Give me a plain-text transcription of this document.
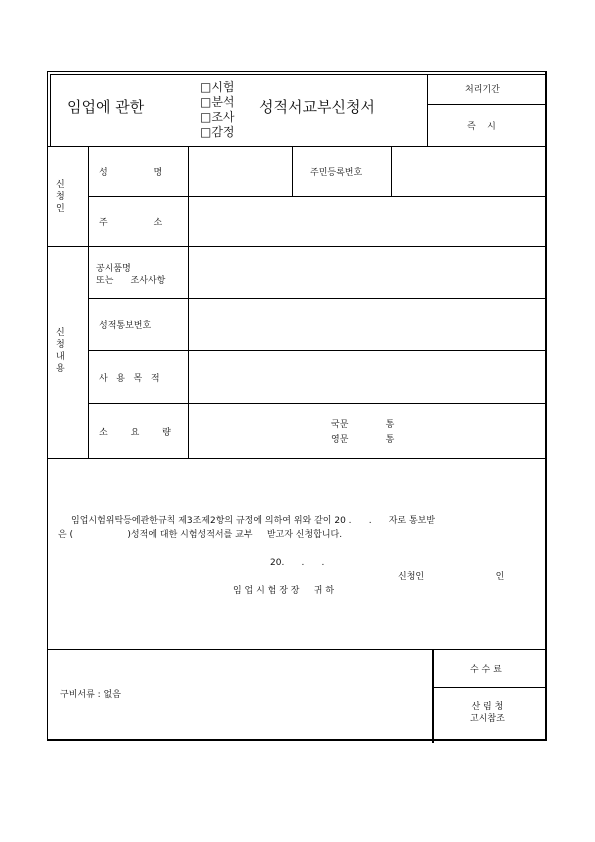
임업에 관한
□시험
□분석
□조사
□감정
성적서교부신청서
처리기간
즉    시
신
청
인
성                명	주민등록번호
주                소
신
청
내
용
공시품명
또는      조사사항
성적통보번호
사   용   목   적
소        요        량
국문             통
영문             통
임업시험위탁등에관한규칙 제3조제2항의 규정에 의하여 위와 같이 20 .      .      자로 통보받
은 (                   )성적에 대한 시험성적서를 교부     받고자 신청합니다.
20.      .      .
신청인                         인
임 업 시 험 장 장     귀 하
구비서류 : 없음
수 수 료
산 림 청
고시참조
